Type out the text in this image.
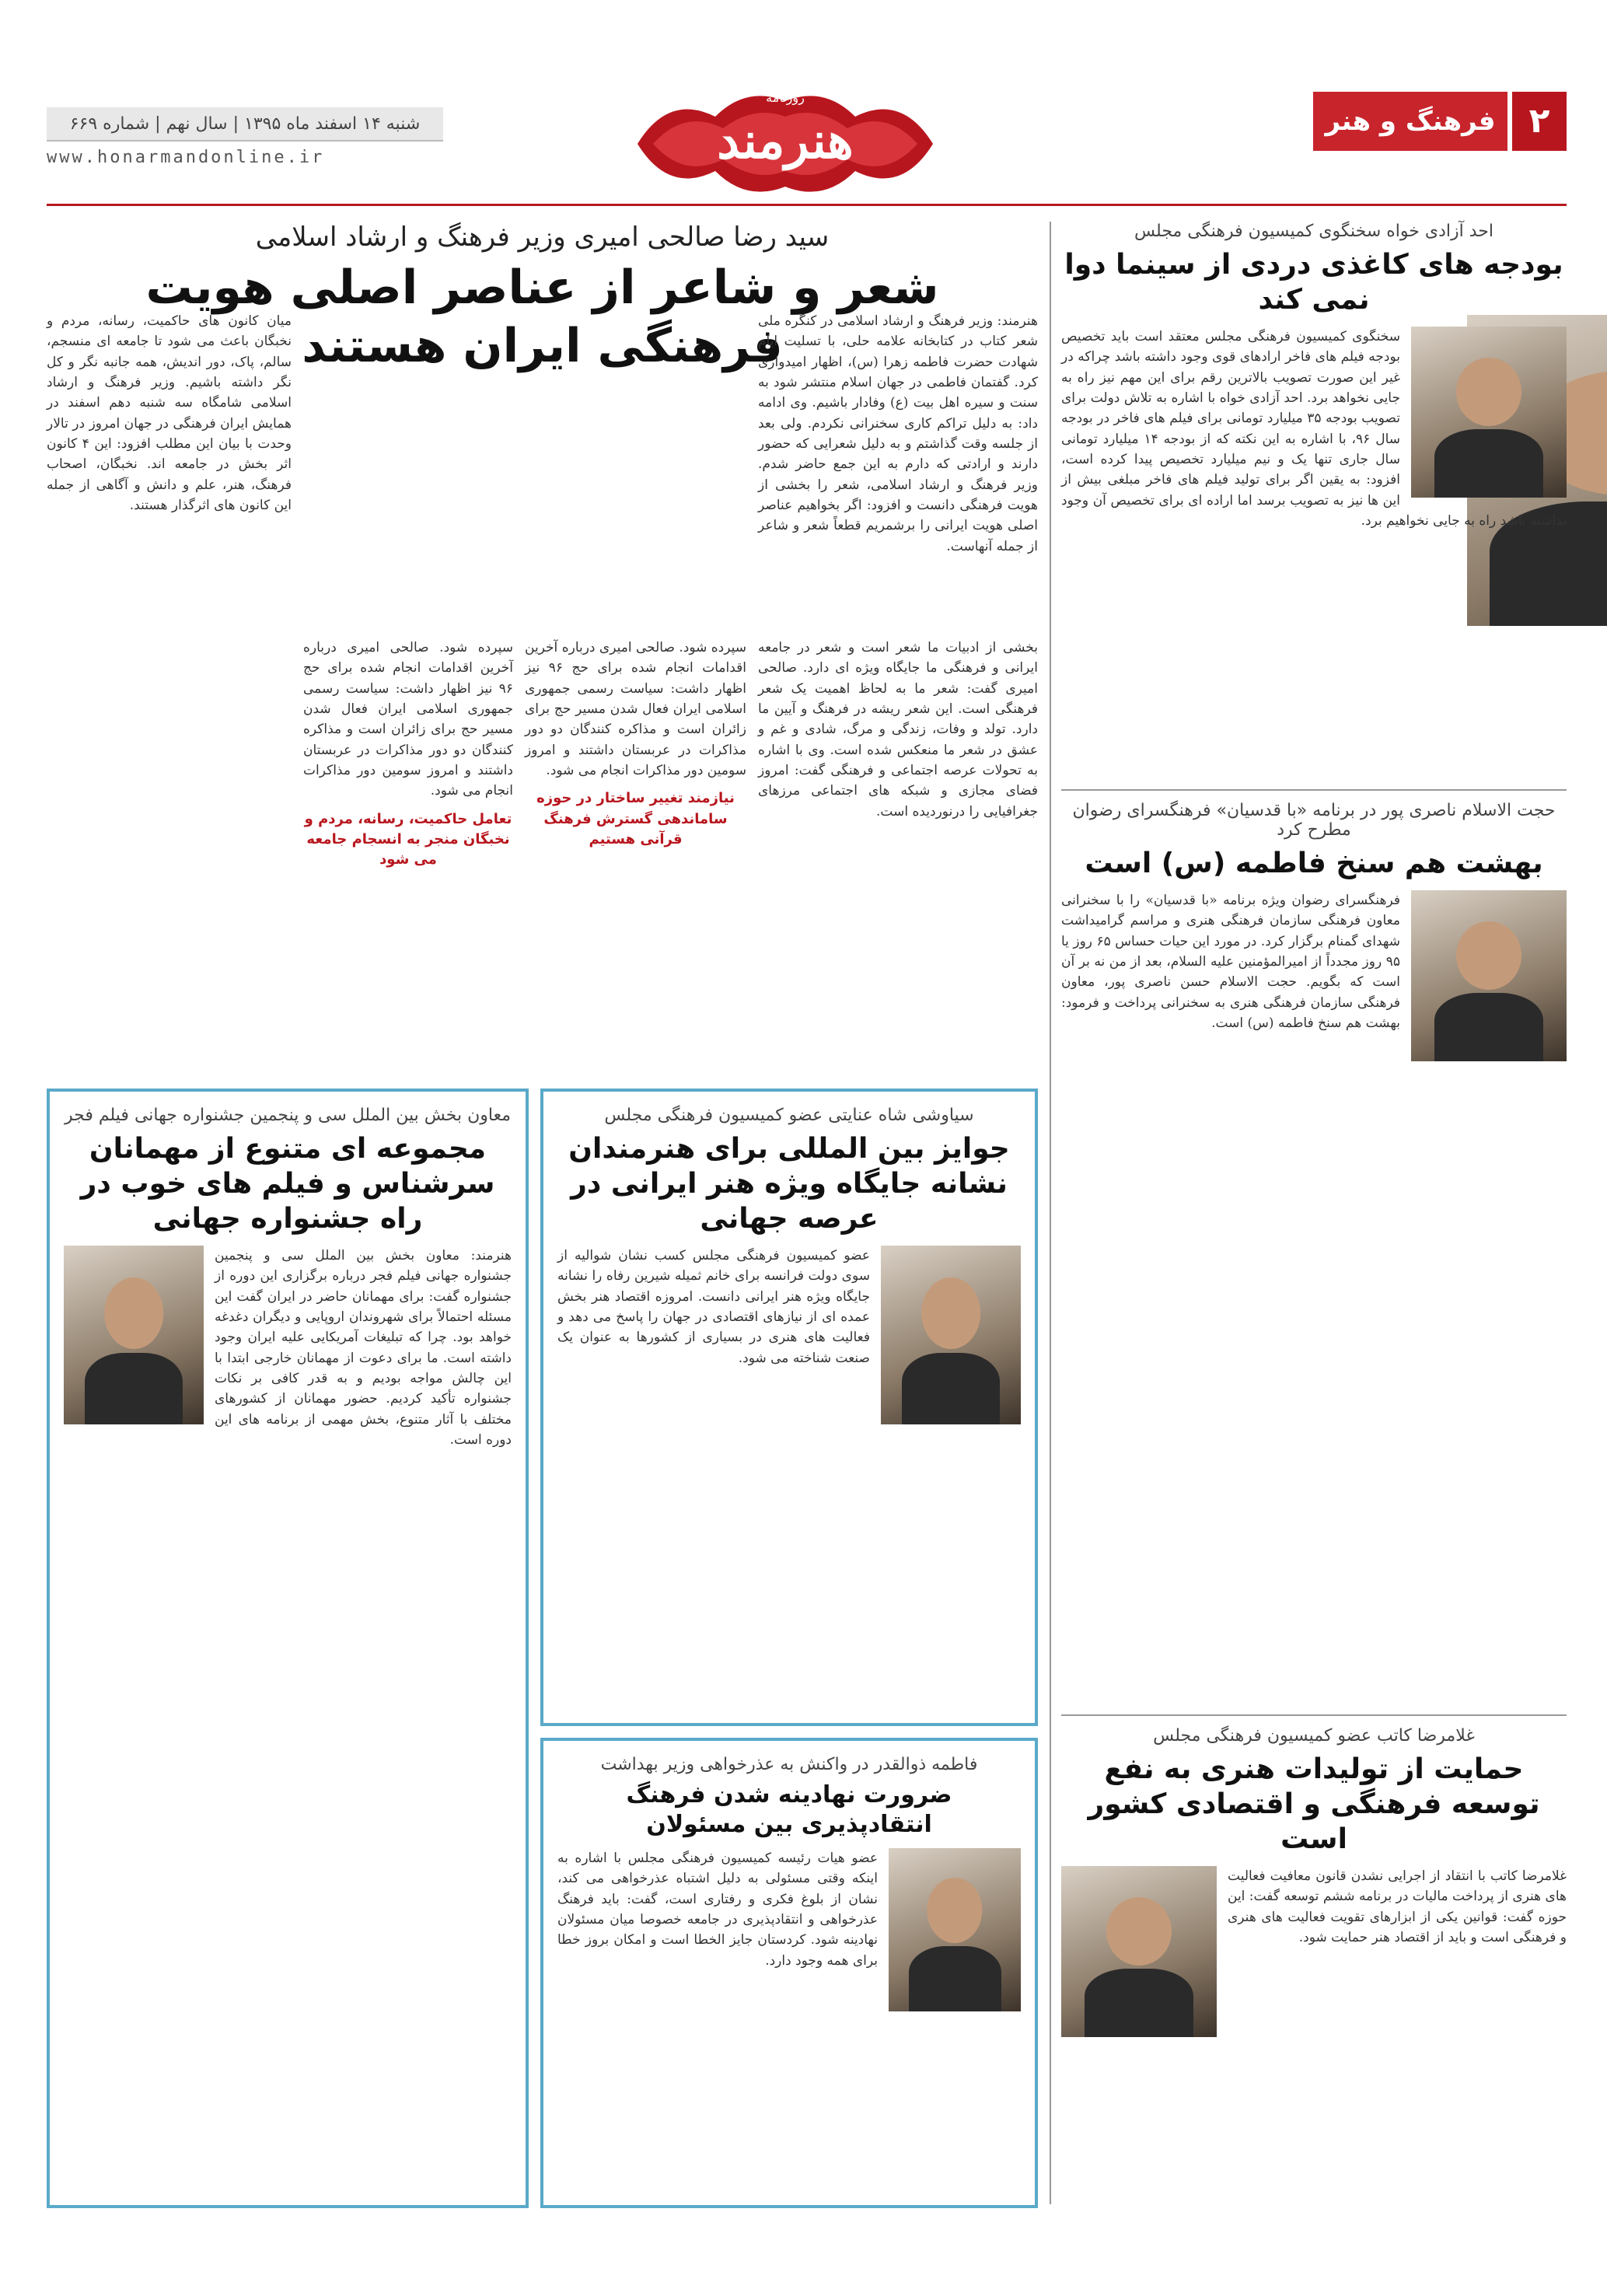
۲
فرهنگ و هنر
هنرمند
روزنامه
شنبه ۱۴ اسفند ماه ۱۳۹۵ | سال نهم | شماره ۶۶۹
www.honarmandonline.ir
سید رضا صالحی امیری وزیر فرهنگ و ارشاد اسلامی
شعر و شاعر از عناصر اصلی هویت فرهنگی ایران هستند
هنرمند: وزیر فرهنگ و ارشاد اسلامی در کنگره ملی شعر کتاب در کتابخانه علامه حلی، با تسلیت ایام شهادت حضرت فاطمه زهرا (س)، اظهار امیدواری کرد. گفتمان فاطمی در جهان اسلام منتشر شود به سنت و سیره اهل بیت (ع) وفادار باشیم. وی ادامه داد: به دلیل تراکم کاری سخنرانی نکردم. ولی بعد از جلسه وقت گذاشتم و به دلیل شعرایی که حضور دارند و ارادتی که دارم به این جمع حاضر شدم. وزیر فرهنگ و ارشاد اسلامی، شعر را بخشی از هویت فرهنگی دانست و افزود: اگر بخواهیم عناصر اصلی هویت ایرانی را برشمریم قطعاً شعر و شاعر از جمله آنهاست.
بخشی از ادبیات ما شعر است و شعر در جامعه ایرانی و فرهنگی ما جایگاه ویژه ای دارد. صالحی امیری گفت: شعر ما به لحاظ اهمیت یک شعر فرهنگی است. این شعر ریشه در فرهنگ و آیین ما دارد. تولد و وفات، زندگی و مرگ، شادی و غم و عشق در شعر ما منعکس شده است. وی با اشاره به تحولات عرصه اجتماعی و فرهنگی گفت: امروز فضای مجازی و شبکه های اجتماعی مرزهای جغرافیایی را درنوردیده است.
سپرده شود. صالحی امیری درباره آخرین اقدامات انجام شده برای حج ۹۶ نیز اظهار داشت: سیاست رسمی جمهوری اسلامی ایران فعال شدن مسیر حج برای زائران است و مذاکره کنندگان دو دور مذاکرات در عربستان داشتند و امروز سومین دور مذاکرات انجام می شود.
نیازمند تغییر ساختار در حوزه ساماندهی گسترش فرهنگ قرآنی هستیم
سپرده شود. صالحی امیری درباره آخرین اقدامات انجام شده برای حج ۹۶ نیز اظهار داشت: سیاست رسمی جمهوری اسلامی ایران فعال شدن مسیر حج برای زائران است و مذاکره کنندگان دو دور مذاکرات در عربستان داشتند و امروز سومین دور مذاکرات انجام می شود.
تعامل حاکمیت، رسانه، مردم و نخبگان منجر به انسجام جامعه می شود
میان کانون های حاکمیت، رسانه، مردم و نخبگان باعث می شود تا جامعه ای منسجم، سالم، پاک، دور اندیش، همه جانبه نگر و کل نگر داشته باشیم. وزیر فرهنگ و ارشاد اسلامی شامگاه سه شنبه دهم اسفند در همایش ایران فرهنگی در جهان امروز در تالار وحدت با بیان این مطلب افزود: این ۴ کانون اثر بخش در جامعه اند. نخبگان، اصحاب فرهنگ، هنر، علم و دانش و آگاهی از جمله این کانون های اثرگذار هستند.
احد آزادی خواه سخنگوی کمیسیون فرهنگی مجلس
بودجه های کاغذی دردی از سینما دوا نمی کند
سخنگوی کمیسیون فرهنگی مجلس معتقد است باید تخصیص بودجه فیلم های فاخر ارادهای قوی وجود داشته باشد چراکه در غیر این صورت تصویب بالاترین رقم برای این مهم نیز راه به جایی نخواهد برد. احد آزادی خواه با اشاره به تلاش دولت برای تصویب بودجه ۳۵ میلیارد تومانی برای فیلم های فاخر در بودجه سال ۹۶، با اشاره به این نکته که از بودجه ۱۴ میلیارد تومانی سال جاری تنها یک و نیم میلیارد تخصیص پیدا کرده است، افزود: به یقین اگر برای تولید فیلم های فاخر مبلغی بیش از این ها نیز به تصویب برسد اما اراده ای برای تخصیص آن وجود نداشته باشد راه به جایی نخواهیم برد.
حجت الاسلام ناصری پور در برنامه «با قدسیان» فرهنگسرای رضوان مطرح کرد
بهشت هم سنخ فاطمه (س) است
فرهنگسرای رضوان ویژه برنامه «با قدسیان» را با سخنرانی معاون فرهنگی سازمان فرهنگی هنری و مراسم گرامیداشت شهدای گمنام برگزار کرد. در مورد این حیات حساس ۶۵ روز یا ۹۵ روز مجدداً از امیرالمؤمنین علیه السلام، بعد از من نه بر آن است که بگویم. حجت الاسلام حسن ناصری پور، معاون فرهنگی سازمان فرهنگی هنری به سخنرانی پرداخت و فرمود: بهشت هم سنخ فاطمه (س) است.
غلامرضا کاتب عضو کمیسیون فرهنگی مجلس
حمایت از تولیدات هنری به نفع توسعه فرهنگی و اقتصادی کشور است
غلامرضا کاتب با انتقاد از اجرایی نشدن قانون معافیت فعالیت های هنری از پرداخت مالیات در برنامه ششم توسعه گفت: این حوزه گفت: قوانین یکی از ابزارهای تقویت فعالیت های هنری و فرهنگی است و باید از اقتصاد هنر حمایت شود.
معاون بخش بین الملل سی و پنجمین جشنواره جهانی فیلم فجر
مجموعه ای متنوع از مهمانان سرشناس و فیلم های خوب در راه جشنواره جهانی
هنرمند: معاون بخش بین الملل سی و پنجمین جشنواره جهانی فیلم فجر درباره برگزاری این دوره از جشنواره گفت: برای مهمانان حاضر در ایران گفت این مسئله احتمالاً برای شهروندان اروپایی و دیگران دغدغه خواهد بود. چرا که تبلیغات آمریکایی علیه ایران وجود داشته است. ما برای دعوت از مهمانان خارجی ابتدا با این چالش مواجه بودیم و به قدر کافی بر نکات جشنواره تأکید کردیم. حضور مهمانان از کشورهای مختلف با آثار متنوع، بخش مهمی از برنامه های این دوره است.
سیاوشی شاه عنایتی عضو کمیسیون فرهنگی مجلس
جوایز بین المللی برای هنرمندان نشانه جایگاه ویژه هنر ایرانی در عرصه جهانی
عضو کمیسیون فرهنگی مجلس کسب نشان شوالیه از سوی دولت فرانسه برای خانم ثمیله شیرین رفاه را نشانه جایگاه ویژه هنر ایرانی دانست. امروزه اقتصاد هنر بخش عمده ای از نیازهای اقتصادی در جهان را پاسخ می دهد و فعالیت های هنری در بسیاری از کشورها به عنوان یک صنعت شناخته می شود.
فاطمه ذوالقدر در واکنش به عذرخواهی وزیر بهداشت
ضرورت نهادینه شدن فرهنگ انتقادپذیری بین مسئولان
عضو هیات رئیسه کمیسیون فرهنگی مجلس با اشاره به اینکه وقتی مسئولی به دلیل اشتباه عذرخواهی می کند، نشان از بلوغ فکری و رفتاری است، گفت: باید فرهنگ عذرخواهی و انتقادپذیری در جامعه خصوصا میان مسئولان نهادینه شود. کردستان جایز الخطا است و امکان بروز خطا برای همه وجود دارد.
